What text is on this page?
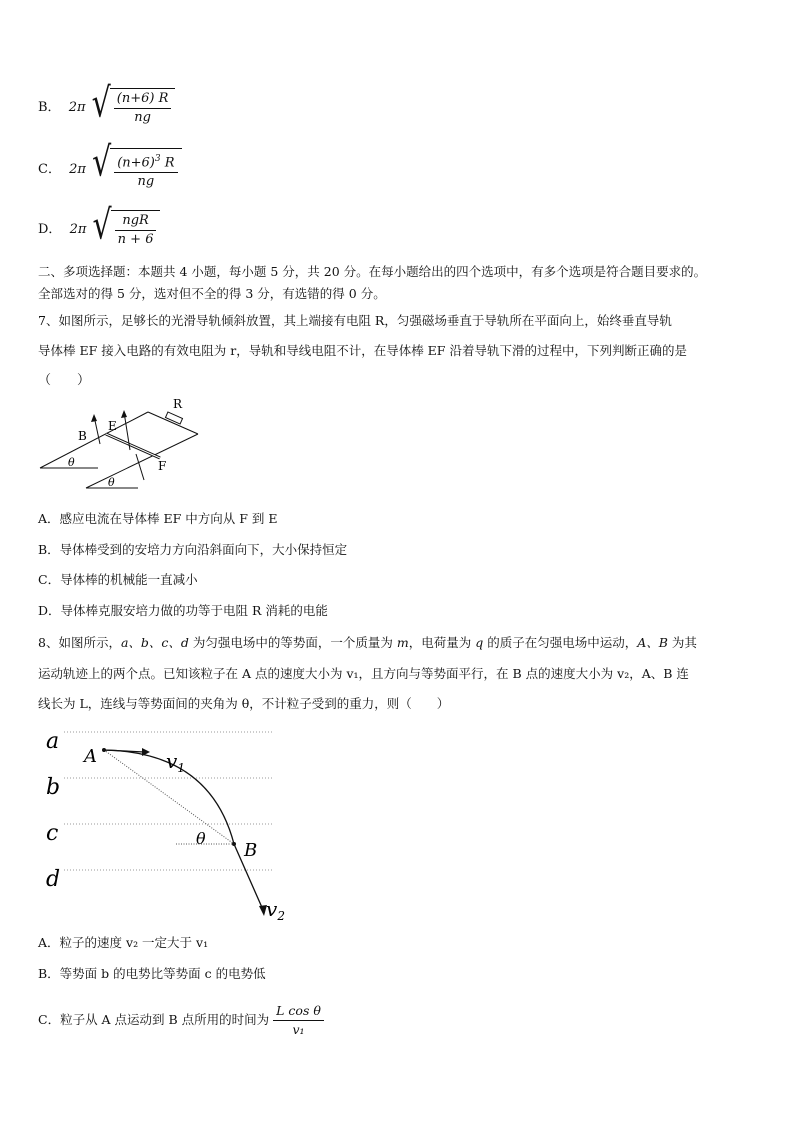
B． 2π √ $\frac{(n+6) R}{ng}$
C． 2π √ $\frac{(n+6)^3 R}{ng}$
D． 2π √ $\frac{\text{ngR}}{n + 6}$
二、多项选择题：本题共 4 小题，每小题 5 分，共 20 分。在每小题给出的四个选项中，有多个选项是符合题目要求的。
全部选对的得 5 分，选对但不全的得 3 分，有选错的得 0 分。
7、如图所示，足够长的光滑导轨倾斜放置，其上端接有电阻 R，匀强磁场垂直于导轨所在平面向上，始终垂直导轨
导体棒 EF 接入电路的有效电阻为 r，导轨和导线电阻不计，在导体棒 EF 沿着导轨下滑的过程中，下列判断正确的是
（　　）
R
B
E
F
θ
θ
A．感应电流在导体棒 EF 中方向从 F 到 E
B．导体棒受到的安培力方向沿斜面向下，大小保持恒定
C．导体棒的机械能一直减小
D．导体棒克服安培力做的功等于电阻 R 消耗的电能
8、如图所示，a、b、c、d 为匀强电场中的等势面，一个质量为 m，电荷量为 q 的质子在匀强电场中运动，A、B 为其
运动轨迹上的两个点。已知该粒子在 A 点的速度大小为 v₁，且方向与等势面平行，在 B 点的速度大小为 v₂，A、B 连
线长为 L，连线与等势面间的夹角为 θ，不计粒子受到的重力，则（　　）
a
b
c
d
A
B
$v_1$
$v_2$
θ
A．粒子的速度 v₂ 一定大于 v₁
B．等势面 b 的电势比等势面 c 的电势低
C．粒子从 A 点运动到 B 点所用的时间为 $\frac{\text{L cos θ}}{\text{v₁}}$
